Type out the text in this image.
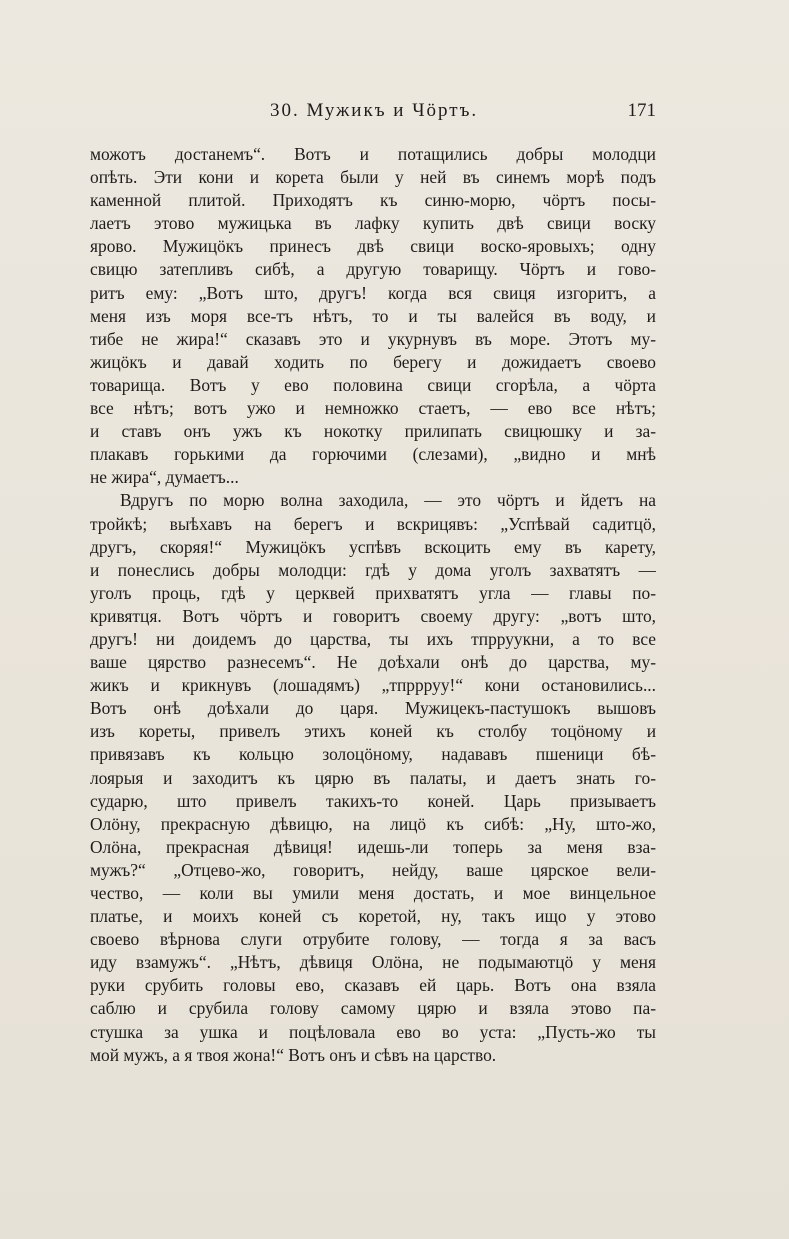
30. Мужикъ и Чöртъ.	171
можотъ достанемъ“. Вотъ и потащились добры молодци
опѣть. Эти кони и корета были у ней въ синемъ морѣ подъ
каменной плитой. Приходятъ къ синю-морю, чöртъ посы-
лаетъ этово мужицька въ лафку купить двѣ свици воску
ярово. Мужицöкъ принесъ двѣ свици воско-яровыхъ; одну
свицю затепливъ сибѣ, а другую товарищу. Чöртъ и гово-
ритъ ему: „Вотъ што, другъ! когда вся свиця изгоритъ, а
меня изъ моря все-тъ нѣтъ, то и ты валейся въ воду, и
тибе не жира!“ сказавъ это и укурнувъ въ море. Этотъ му-
жицöкъ и давай ходить по берегу и дожидаетъ своево
товарища. Вотъ у ево половина свици сгорѣла, а чöрта
все нѣтъ; вотъ ужо и немножко стаетъ, — ево все нѣтъ;
и ставъ онъ ужъ къ нокотку прилипать свицюшку и за-
плакавъ горькими да горючими (слезами), „видно и мнѣ
не жира“, думаетъ...
Вдругъ по морю волна заходила, — это чöртъ и йдетъ на
тройкѣ; выѣхавъ на берегъ и вскрицявъ: „Успѣвай садитцö,
другъ, скоряя!“ Мужицöкъ успѣвъ вскоцить ему въ карету,
и понеслись добры молодци: гдѣ у дома уголъ захватятъ —
уголъ проць, гдѣ у церквей прихватятъ угла — главы по-
кривятця. Вотъ чöртъ и говоритъ своему другу: „вотъ што,
другъ! ни доидемъ до царства, ты ихъ тпрруукни, а то все
ваше цярство разнесемъ“. Не доѣхали онѣ до царства, му-
жикъ и крикнувъ (лошадямъ) „тпррруу!“ кони остановились...
Вотъ онѣ доѣхали до царя. Мужицекъ-пастушокъ вышовъ
изъ кореты, привелъ этихъ коней къ столбу тоцöному и
привязавъ къ кольцю золоцöному, надававъ пшеници бѣ-
лоярыя и заходитъ къ цярю въ палаты, и даетъ знать го-
сударю, што привелъ такихъ-то коней. Царь призываетъ
Олöну, прекрасную дѣвицю, на лицö къ сибѣ: „Ну, што-жо,
Олöна, прекрасная дѣвиця! идешь-ли топерь за меня вза-
мужъ?“ „Отцево-жо, говоритъ, нейду, ваше цярское вели-
чество, — коли вы умили меня достать, и мое винцельное
платье, и моихъ коней съ коретой, ну, такъ ищо у этово
своево вѣрнова слуги отрубите голову, — тогда я за васъ
иду взамужъ“. „Нѣтъ, дѣвиця Олöна, не подымаютцö у меня
руки срубить головы ево, сказавъ ей царь. Вотъ она взяла
саблю и срубила голову самому цярю и взяла этово па-
стушка за ушка и поцѣловала ево во уста: „Пусть-жо ты
мой мужъ, а я твоя жона!“ Вотъ онъ и сѣвъ на царство.
